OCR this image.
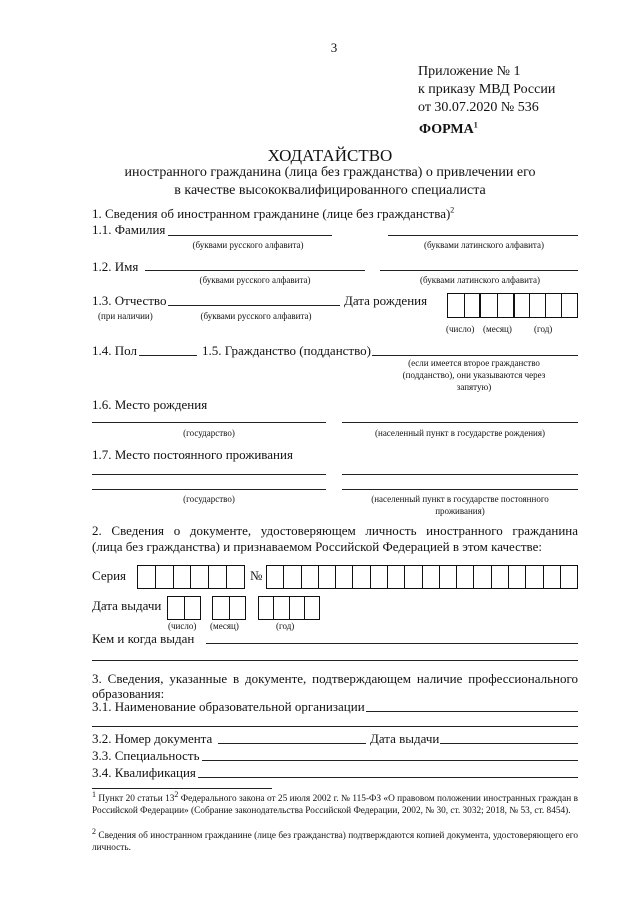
3
Приложение № 1
к приказу МВД России
от 30.07.2020 № 536
ФОРМА$^1$
ХОДАТАЙСТВО
иностранного гражданина (лица без гражданства) о привлечении его
в качестве высококвалифицированного специалиста
1. Сведения об иностранном гражданине (лице без гражданства)$^2$
1.1. Фамилия
(буквами русского алфавита)	(буквами латинского алфавита)
1.2. Имя
(буквами русского алфавита)	(буквами латинского алфавита)
1.3. Отчество
(при наличии)	(буквами русского алфавита)
Дата рождения
(число) (месяц) (год)
1.4. Пол	1.5. Гражданство (подданство)
(если имеется второе гражданство
(подданство), они указываются через
запятую)
1.6. Место рождения
(государство)	(населенный пункт в государстве рождения)
1.7. Место постоянного проживания
(государство)	(населенный пункт в государстве постоянного
проживания)
2. Сведения о документе, удостоверяющем личность иностранного гражданина
(лица без гражданства) и признаваемом Российской Федерацией в этом качестве:
Серия	№
Дата выдачи
(число) (месяц)	(год)
Кем и когда выдан
3. Сведения, указанные в документе, подтверждающем наличие профессионального
образования:
3.1. Наименование образовательной организации
3.2. Номер документа	Дата выдачи
3.3. Специальность
3.4. Квалификация
$^1$ Пункт 20 статьи $13^2$ Федерального закона от 25 июля 2002 г. № 115-ФЗ «О правовом положении иностранных граждан в Российской Федерации» (Собрание законодательства Российской Федерации, 2002, № 30, ст. 3032; 2018, № 53, ст. 8454).
$^2$ Сведения об иностранном гражданине (лице без гражданства) подтверждаются копией документа, удостоверяющего его личность.
